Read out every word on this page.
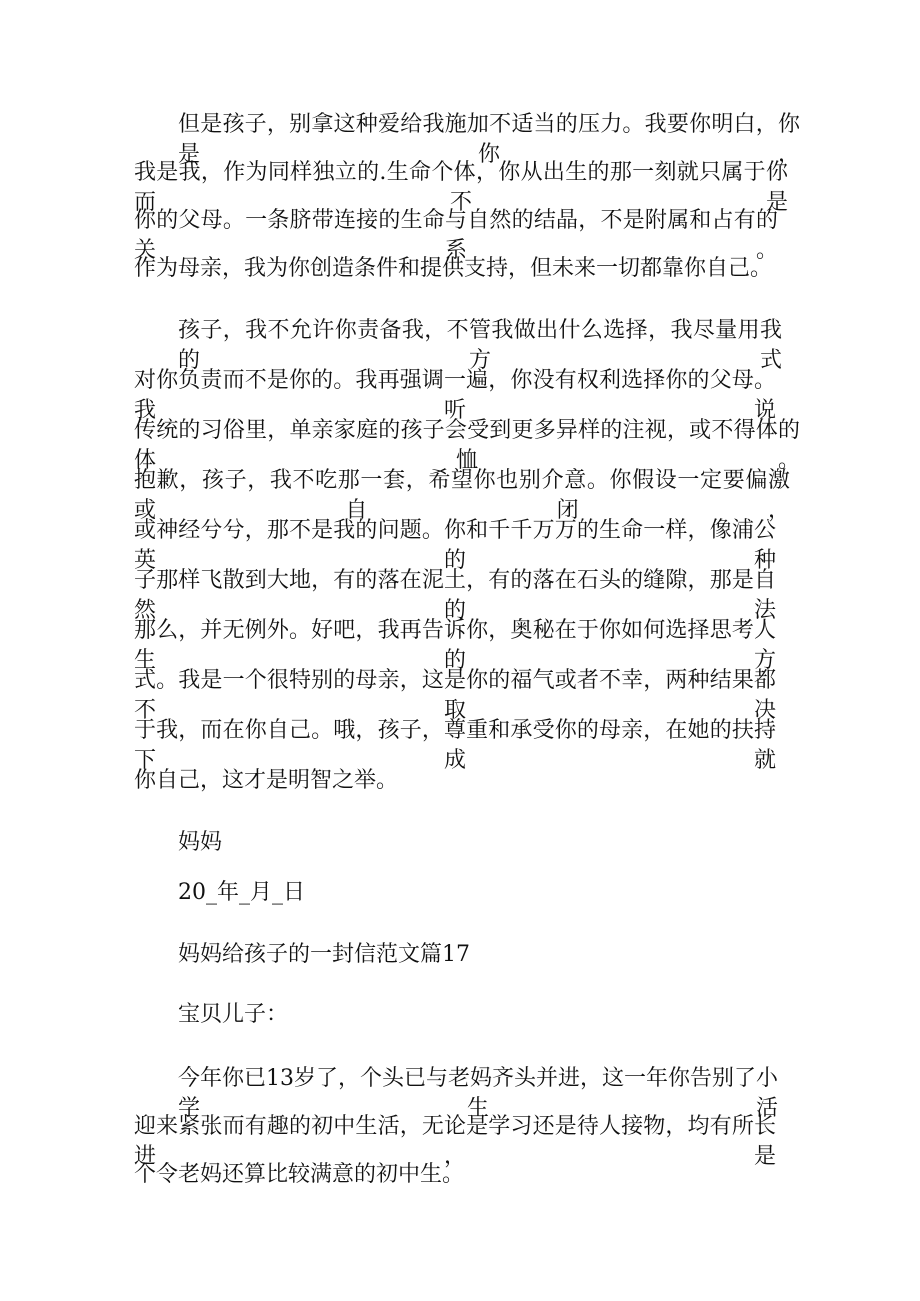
但是孩子，别拿这种爱给我施加不适当的压力。我要你明白，你是你，
我是我，作为同样独立的.生命个体，你从出生的那一刻就只属于你而不是
你的父母。一条脐带连接的生命与自然的结晶，不是附属和占有的关系。
作为母亲，我为你创造条件和提供支持，但未来一切都靠你自己。
孩子，我不允许你责备我，不管我做出什么选择，我尽量用我的方式
对你负责而不是你的。我再强调一遍，你没有权利选择你的父母。我听说
传统的习俗里，单亲家庭的孩子会受到更多异样的注视，或不得体的体恤。
抱歉，孩子，我不吃那一套，希望你也别介意。你假设一定要偏激或自闭，
或神经兮兮，那不是我的问题。你和千千万万的生命一样，像浦公英的种
子那样飞散到大地，有的落在泥土，有的落在石头的缝隙，那是自然的法
那么，并无例外。好吧，我再告诉你，奥秘在于你如何选择思考人生的方
式。我是一个很特别的母亲，这是你的福气或者不幸，两种结果都不取决
于我，而在你自己。哦，孩子，尊重和承受你的母亲，在她的扶持下成就
你自己，这才是明智之举。
妈妈
20_年_月_日
妈妈给孩子的一封信范文篇17
宝贝儿子：
今年你已13岁了，个头已与老妈齐头并进，这一年你告别了小学生活
迎来紧张而有趣的初中生活，无论是学习还是待人接物，均有所长进，是
个令老妈还算比较满意的初中生。
